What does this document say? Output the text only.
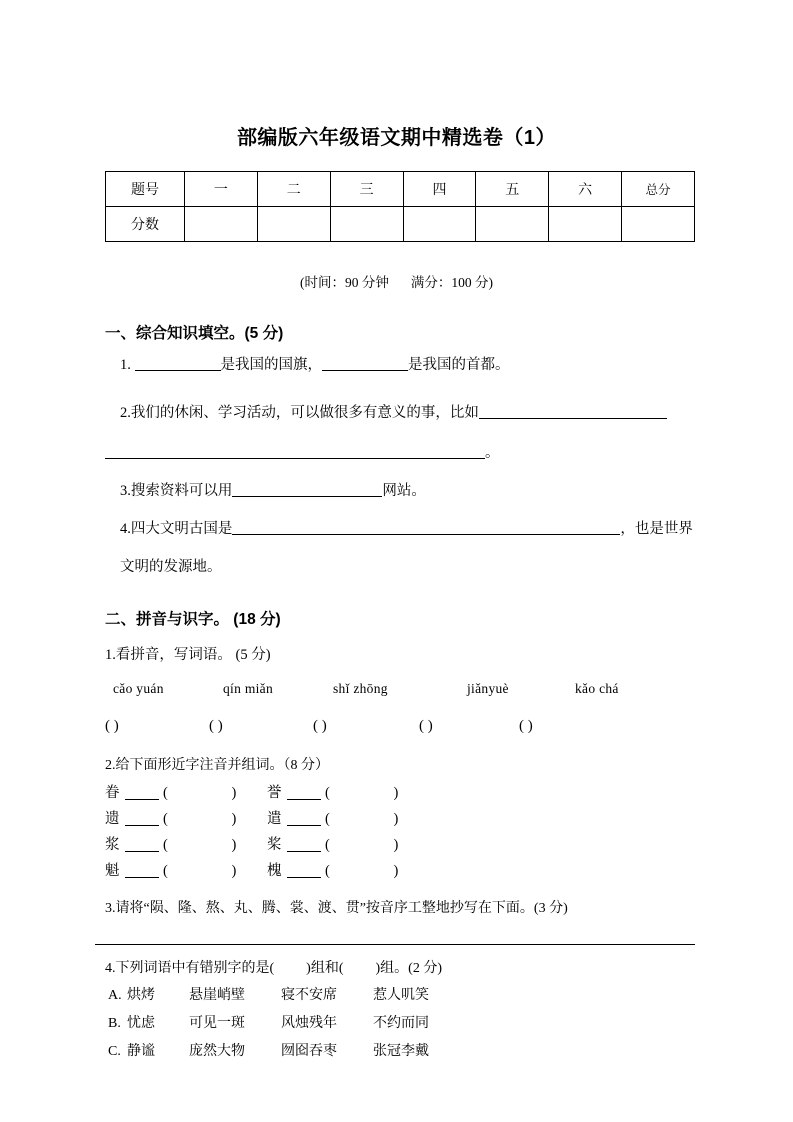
部编版六年级语文期中精选卷（1）
题号	一	二	三	四	五	六	总分
分数							
(时间：90 分钟 满分：100 分)
一、综合知识填空。(5 分)
1.	是我国的国旗，	是我国的首都。
2.我们的休闲、学习活动，可以做很多有意义的事，比如
。
3.搜索资料可以用	网站。
4.四大文明古国是	，也是世界
文明的发源地。
二、拼音与识字。 (18 分)
1.看拼音，写词语。 (5 分)
cǎo yuán	qín miǎn	shǐ zhōng	jiǎnyuè	kǎo chá
( )	( )	( )	( )	( )
2.给下面形近字注音并组词。（8 分）
眷	( ) 誉	( )
遗	( ) 遣	( )
浆	( ) 桨	( )
魁	( ) 槐	( )
3.请将“陨、隆、熬、丸、腾、裳、渡、贯”按音序工整地抄写在下面。(3 分)
4.下列词语中有错别字的是( )组和( )组。(2 分)
A. 烘烤 悬崖峭壁	寝不安席	惹人叽笑
B. 忧虑 可见一斑	风烛残年	不约而同
C. 静谧 庞然大物	囫囵吞枣	张冠李戴
